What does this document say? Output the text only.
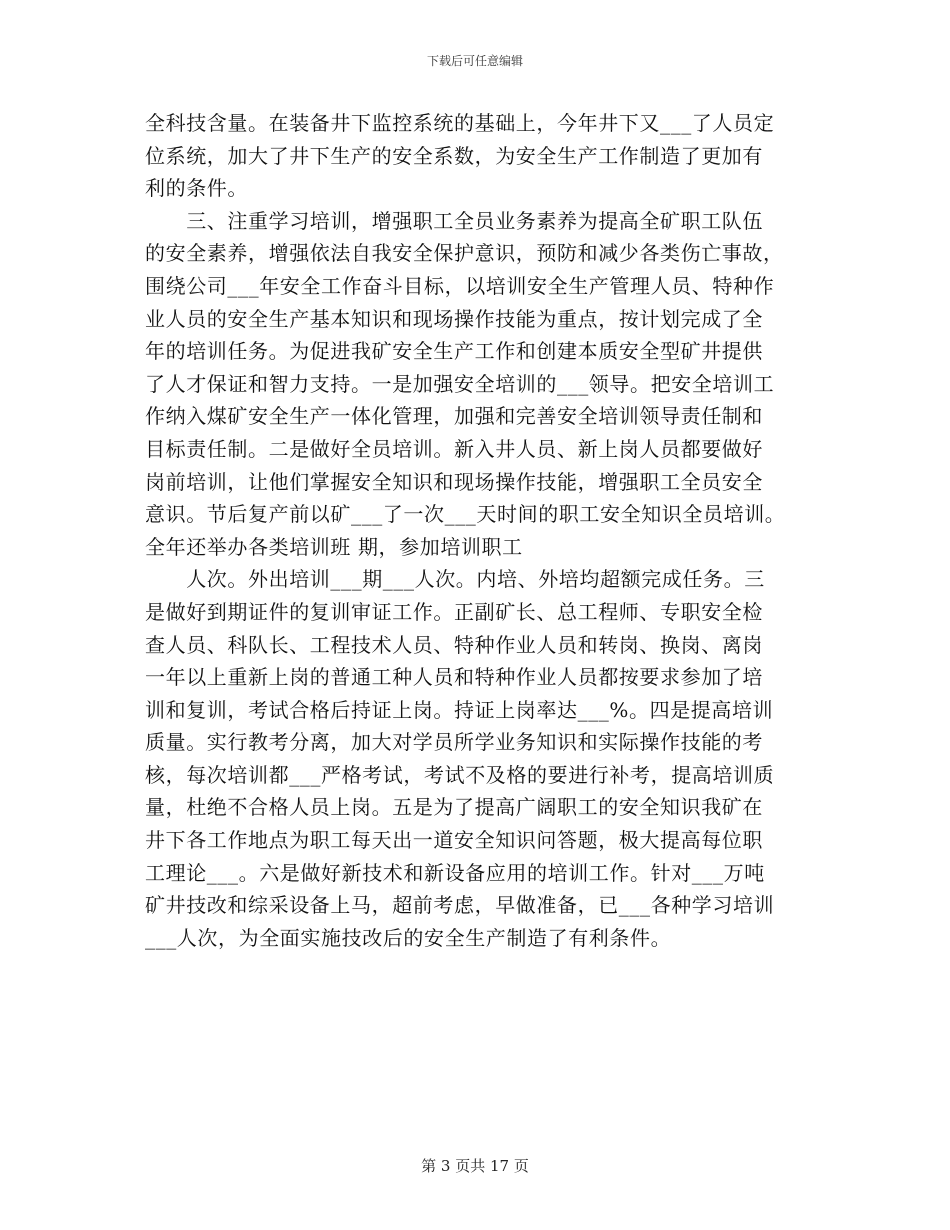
下载后可任意编辑
全科技含量。在装备井下监控系统的基础上，今年井下又___了人员定
位系统，加大了井下生产的安全系数，为安全生产工作制造了更加有
利的条件。
　　三、注重学习培训，增强职工全员业务素养为提高全矿职工队伍
的安全素养，增强依法自我安全保护意识，预防和减少各类伤亡事故，
围绕公司___年安全工作奋斗目标，以培训安全生产管理人员、特种作
业人员的安全生产基本知识和现场操作技能为重点，按计划完成了全
年的培训任务。为促进我矿安全生产工作和创建本质安全型矿井提供
了人才保证和智力支持。一是加强安全培训的___领导。把安全培训工
作纳入煤矿安全生产一体化管理，加强和完善安全培训领导责任制和
目标责任制。二是做好全员培训。新入井人员、新上岗人员都要做好
岗前培训，让他们掌握安全知识和现场操作技能，增强职工全员安全
意识。节后复产前以矿___了一次___天时间的职工安全知识全员培训。
全年还举办各类培训班 期，参加培训职工
　　人次。外出培训___期___人次。内培、外培均超额完成任务。三
是做好到期证件的复训审证工作。正副矿长、总工程师、专职安全检
查人员、科队长、工程技术人员、特种作业人员和转岗、换岗、离岗
一年以上重新上岗的普通工种人员和特种作业人员都按要求参加了培
训和复训，考试合格后持证上岗。持证上岗率达___%。四是提高培训
质量。实行教考分离，加大对学员所学业务知识和实际操作技能的考
核，每次培训都___严格考试，考试不及格的要进行补考，提高培训质
量，杜绝不合格人员上岗。五是为了提高广阔职工的安全知识我矿在
井下各工作地点为职工每天出一道安全知识问答题，极大提高每位职
工理论___。六是做好新技术和新设备应用的培训工作。针对___万吨
矿井技改和综采设备上马，超前考虑，早做准备，已___各种学习培训
___人次，为全面实施技改后的安全生产制造了有利条件。
第 3 页共 17 页
